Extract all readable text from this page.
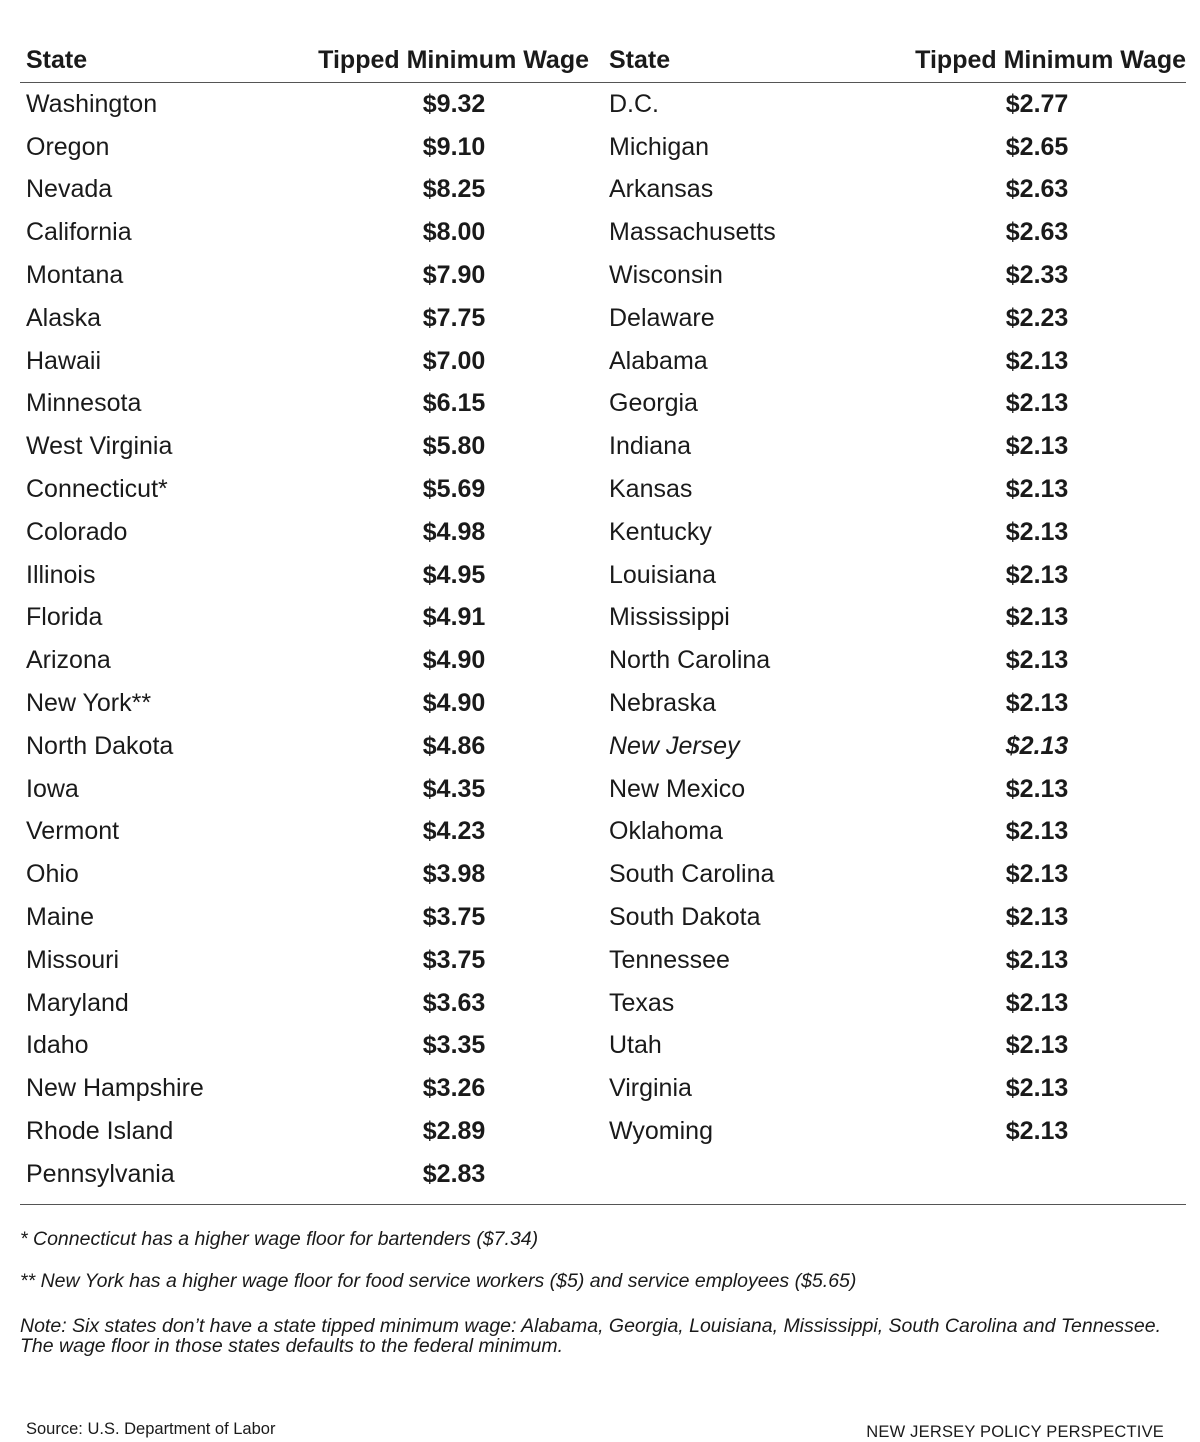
State	Tipped Minimum Wage
Washington	$9.32
Oregon	$9.10
Nevada	$8.25
California	$8.00
Montana	$7.90
Alaska	$7.75
Hawaii	$7.00
Minnesota	$6.15
West Virginia	$5.80
Connecticut*	$5.69
Colorado	$4.98
Illinois	$4.95
Florida	$4.91
Arizona	$4.90
New York**	$4.90
North Dakota	$4.86
Iowa	$4.35
Vermont	$4.23
Ohio	$3.98
Maine	$3.75
Missouri	$3.75
Maryland	$3.63
Idaho	$3.35
New Hampshire	$3.26
Rhode Island	$2.89
Pennsylvania	$2.83
State	Tipped Minimum Wage
D.C.	$2.77
Michigan	$2.65
Arkansas	$2.63
Massachusetts	$2.63
Wisconsin	$2.33
Delaware	$2.23
Alabama	$2.13
Georgia	$2.13
Indiana	$2.13
Kansas	$2.13
Kentucky	$2.13
Louisiana	$2.13
Mississippi	$2.13
North Carolina	$2.13
Nebraska	$2.13
New Jersey	$2.13
New Mexico	$2.13
Oklahoma	$2.13
South Carolina	$2.13
South Dakota	$2.13
Tennessee	$2.13
Texas	$2.13
Utah	$2.13
Virginia	$2.13
Wyoming	$2.13
* Connecticut has a higher wage floor for bartenders ($7.34)
** New York has a higher wage floor for food service workers ($5) and service employees ($5.65)
Note: Six states don’t have a state tipped minimum wage: Alabama, Georgia, Louisiana, Mississippi, South Carolina and Tennessee. The wage floor in those states defaults to the federal minimum.
Source: U.S. Department of Labor	NEW JERSEY POLICY PERSPECTIVE
